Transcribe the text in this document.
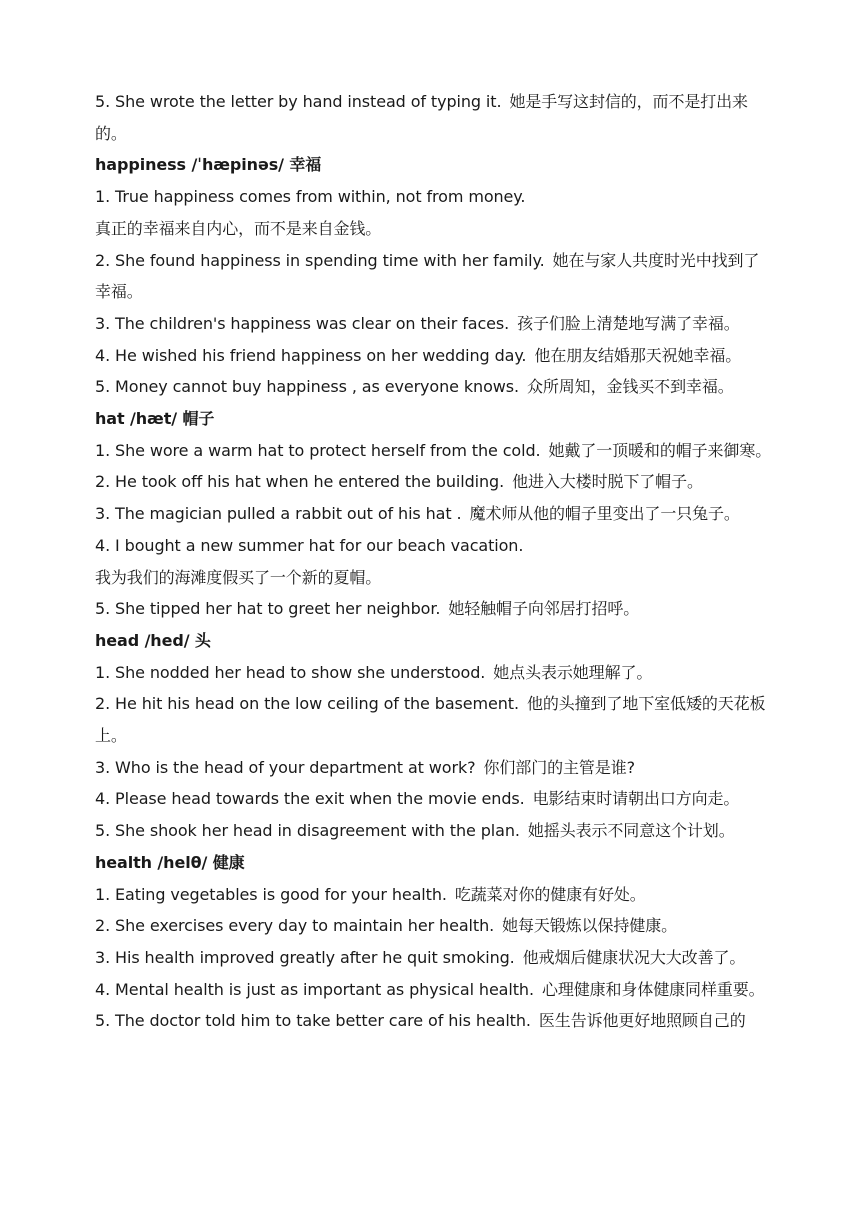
5. She wrote the letter by hand instead of typing it. 她是手写这封信的，而不是打出来的。
happiness /ˈhæpinəs/ 幸福
1. True happiness comes from within, not from money.
真正的幸福来自内心，而不是来自金钱。
2. She found happiness in spending time with her family. 她在与家人共度时光中找到了幸福。
3. The children's happiness was clear on their faces. 孩子们脸上清楚地写满了幸福。
4. He wished his friend happiness on her wedding day. 他在朋友结婚那天祝她幸福。
5. Money cannot buy happiness , as everyone knows. 众所周知，金钱买不到幸福。
hat /hæt/ 帽子
1. She wore a warm hat to protect herself from the cold. 她戴了一顶暖和的帽子来御寒。
2. He took off his hat when he entered the building. 他进入大楼时脱下了帽子。
3. The magician pulled a rabbit out of his hat . 魔术师从他的帽子里变出了一只兔子。
4. I bought a new summer hat for our beach vacation.
我为我们的海滩度假买了一个新的夏帽。
5. She tipped her hat to greet her neighbor. 她轻触帽子向邻居打招呼。
head /hed/ 头
1. She nodded her head to show she understood. 她点头表示她理解了。
2. He hit his head on the low ceiling of the basement. 他的头撞到了地下室低矮的天花板上。
3. Who is the head of your department at work? 你们部门的主管是谁?
4. Please head towards the exit when the movie ends. 电影结束时请朝出口方向走。
5. She shook her head in disagreement with the plan. 她摇头表示不同意这个计划。
health /helθ/ 健康
1. Eating vegetables is good for your health. 吃蔬菜对你的健康有好处。
2. She exercises every day to maintain her health. 她每天锻炼以保持健康。
3. His health improved greatly after he quit smoking. 他戒烟后健康状况大大改善了。
4. Mental health is just as important as physical health. 心理健康和身体健康同样重要。
5. The doctor told him to take better care of his health. 医生告诉他更好地照顾自己的
